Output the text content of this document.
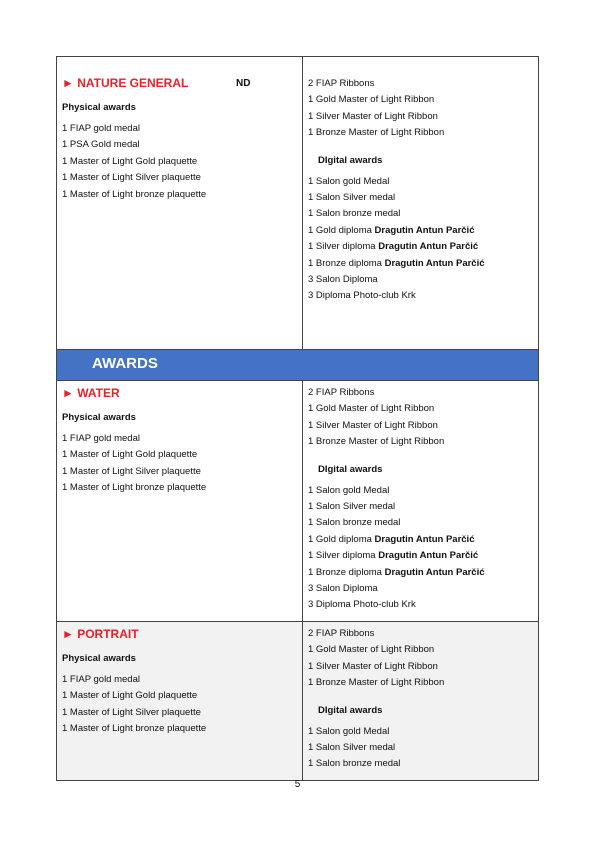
► NATURE GENERAL	ND
Physical awards
1 FIAP gold medal
1 PSA Gold medal
1 Master of Light Gold plaquette
1 Master of Light Silver plaquette
1 Master of Light bronze plaquette
2 FIAP Ribbons
1 Gold Master of Light Ribbon
1 Silver Master of Light Ribbon
1 Bronze Master of Light Ribbon
DIgital awards
1 Salon gold Medal
1 Salon Silver medal
1 Salon bronze medal
1 Gold diploma Dragutin Antun Parčić
1 Silver diploma Dragutin Antun Parčić
1 Bronze diploma Dragutin Antun Parčić
3 Salon Diploma
3 Diploma Photo-club Krk
AWARDS
► WATER
Physical awards
1 FIAP gold medal
1 Master of Light Gold plaquette
1 Master of Light Silver plaquette
1 Master of Light bronze plaquette
2 FIAP Ribbons
1 Gold Master of Light Ribbon
1 Silver Master of Light Ribbon
1 Bronze Master of Light Ribbon
DIgital awards
1 Salon gold Medal
1 Salon Silver medal
1 Salon bronze medal
1 Gold diploma Dragutin Antun Parčić
1 Silver diploma Dragutin Antun Parčić
1 Bronze diploma Dragutin Antun Parčić
3 Salon Diploma
3 Diploma Photo-club Krk
► PORTRAIT
Physical awards
1 FIAP gold medal
1 Master of Light Gold plaquette
1 Master of Light Silver plaquette
1 Master of Light bronze plaquette
2 FIAP Ribbons
1 Gold Master of Light Ribbon
1 Silver Master of Light Ribbon
1 Bronze Master of Light Ribbon
DIgital awards
1 Salon gold Medal
1 Salon Silver medal
1 Salon bronze medal
5
